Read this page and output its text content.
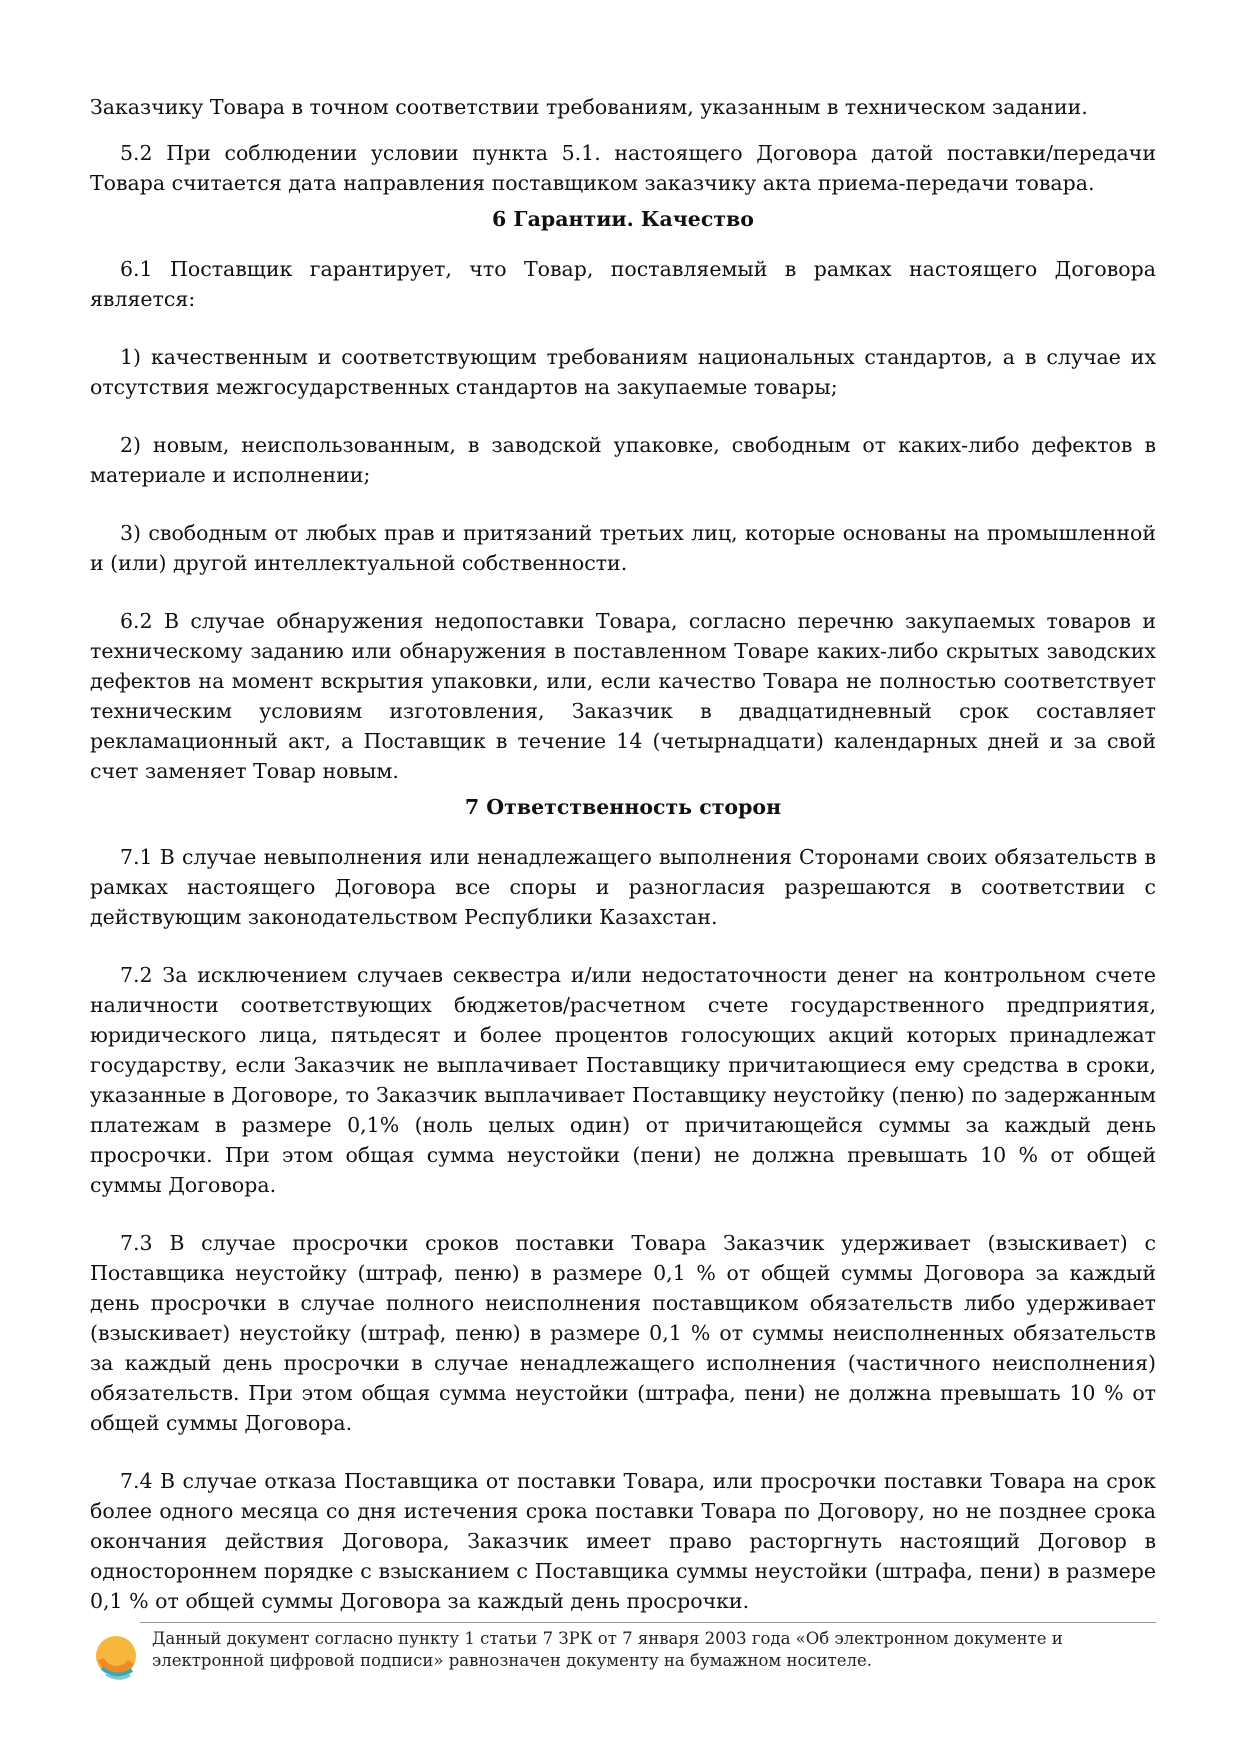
Заказчику Товара в точном соответствии требованиям, указанным в техническом задании.

5.2 При соблюдении условии пункта 5.1. настоящего Договора датой поставки/передачи Товара считается дата направления поставщиком заказчику акта приема-передачи товара.

6 Гарантии. Качество

6.1 Поставщик гарантирует, что Товар, поставляемый в рамках настоящего Договора является:

1) качественным и соответствующим требованиям национальных стандартов, а в случае их отсутствия межгосударственных стандартов на закупаемые товары;

2) новым, неиспользованным, в заводской упаковке, свободным от каких-либо дефектов в материале и исполнении;

3) свободным от любых прав и притязаний третьих лиц, которые основаны на промышленной и (или) другой интеллектуальной собственности.

6.2 В случае обнаружения недопоставки Товара, согласно перечню закупаемых товаров и техническому заданию или обнаружения в поставленном Товаре каких-либо скрытых заводских дефектов на момент вскрытия упаковки, или, если качество Товара не полностью соответствует техническим условиям изготовления, Заказчик в двадцатидневный срок составляет рекламационный акт, а Поставщик в течение 14 (четырнадцати) календарных дней и за свой счет заменяет Товар новым.

7 Ответственность сторон

7.1 В случае невыполнения или ненадлежащего выполнения Сторонами своих обязательств в рамках настоящего Договора все споры и разногласия разрешаются в соответствии с действующим законодательством Республики Казахстан.

7.2 За исключением случаев секвестра и/или недостаточности денег на контрольном счете наличности соответствующих бюджетов/расчетном счете государственного предприятия, юридического лица, пятьдесят и более процентов голосующих акций которых принадлежат государству, если Заказчик не выплачивает Поставщику причитающиеся ему средства в сроки, указанные в Договоре, то Заказчик выплачивает Поставщику неустойку (пеню) по задержанным платежам в размере 0,1% (ноль целых один) от причитающейся суммы за каждый день просрочки. При этом общая сумма неустойки (пени) не должна превышать 10 % от общей суммы Договора.

7.3 В случае просрочки сроков поставки Товара Заказчик удерживает (взыскивает) с Поставщика неустойку (штраф, пеню) в размере 0,1 % от общей суммы Договора за каждый день просрочки в случае полного неисполнения поставщиком обязательств либо удерживает (взыскивает) неустойку (штраф, пеню) в размере 0,1 % от суммы неисполненных обязательств за каждый день просрочки в случае ненадлежащего исполнения (частичного неисполнения) обязательств. При этом общая сумма неустойки (штрафа, пени) не должна превышать 10 % от общей суммы Договора.

7.4 В случае отказа Поставщика от поставки Товара, или просрочки поставки Товара на срок более одного месяца со дня истечения срока поставки Товара по Договору, но не позднее срока окончания действия Договора, Заказчик имеет право расторгнуть настоящий Договор в одностороннем порядке с взысканием с Поставщика суммы неустойки (штрафа, пени) в размере 0,1 % от общей суммы Договора за каждый день просрочки.

Данный документ согласно пункту 1 статьи 7 ЗРК от 7 января 2003 года «Об электронном документе и
электронной цифровой подписи» равнозначен документу на бумажном носителе.
